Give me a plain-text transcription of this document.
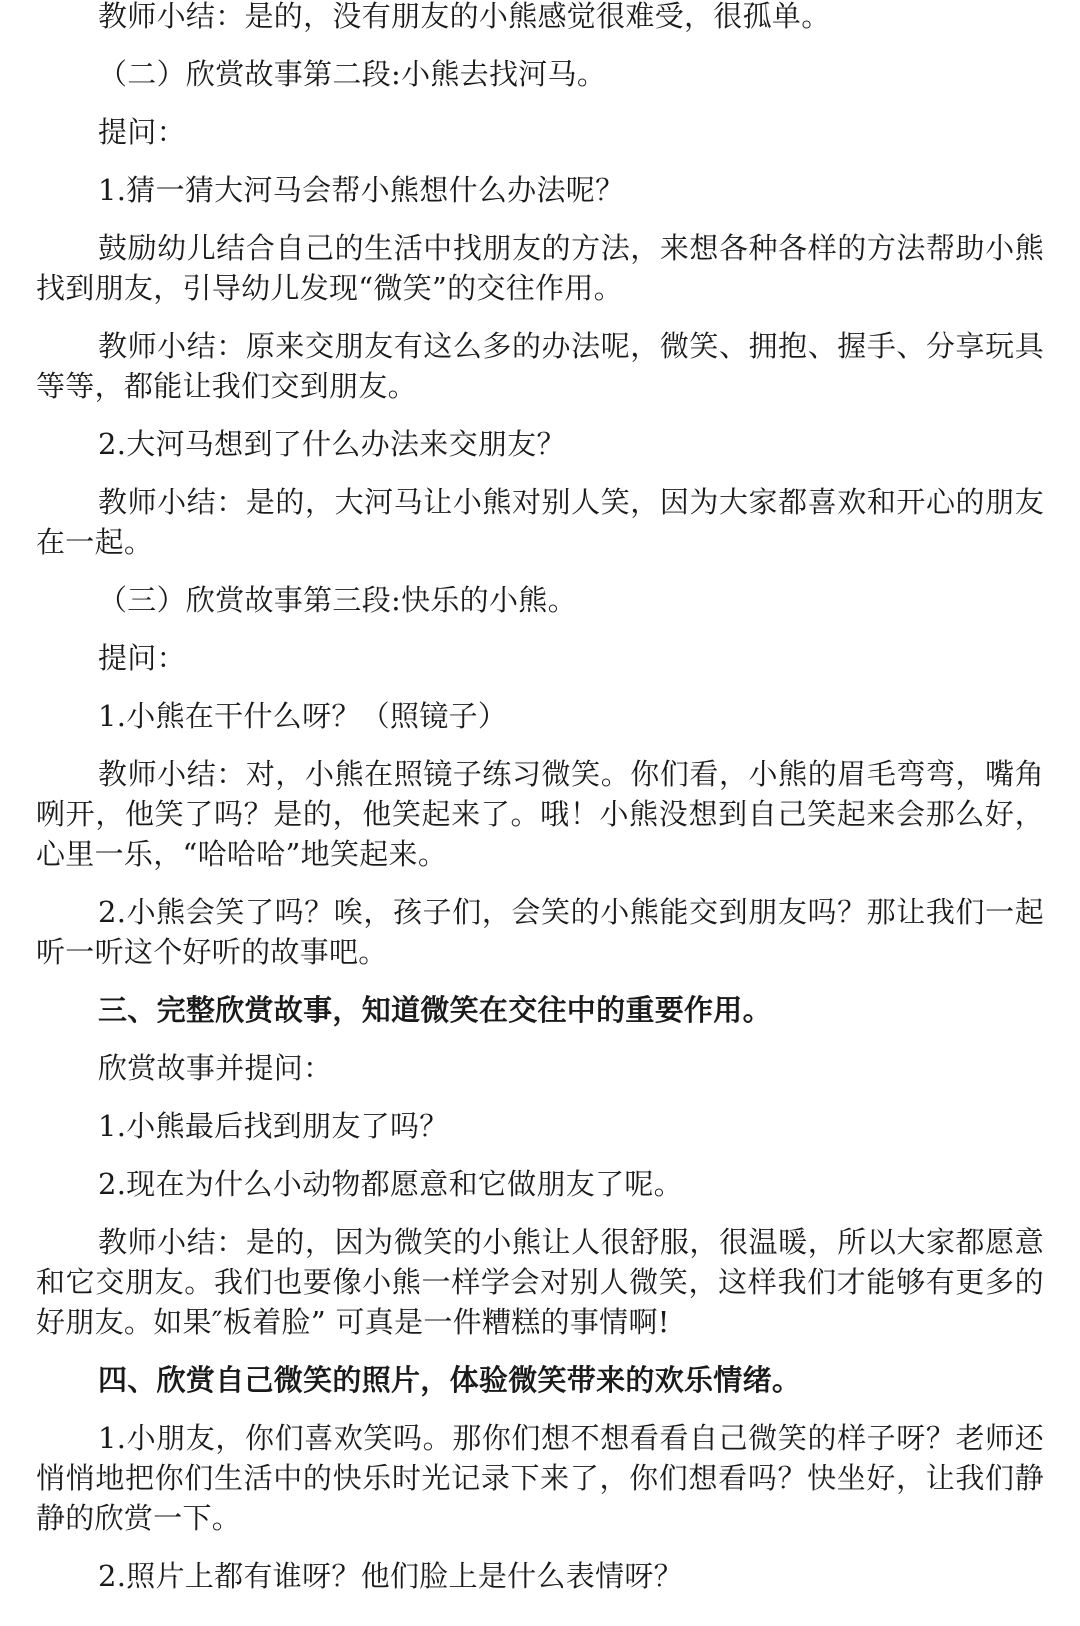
教师小结：是的，没有朋友的小熊感觉很难受，很孤单。

（二）欣赏故事第二段:小熊去找河马。

提问：

1.猜一猜大河马会帮小熊想什么办法呢？

鼓励幼儿结合自己的生活中找朋友的方法，来想各种各样的方法帮助小熊找到朋友，引导幼儿发现“微笑”的交往作用。

教师小结：原来交朋友有这么多的办法呢，微笑、拥抱、握手、分享玩具等等，都能让我们交到朋友。

2.大河马想到了什么办法来交朋友？

教师小结：是的，大河马让小熊对别人笑，因为大家都喜欢和开心的朋友在一起。

（三）欣赏故事第三段:快乐的小熊。

提问：

1.小熊在干什么呀？（照镜子）

教师小结：对，小熊在照镜子练习微笑。你们看，小熊的眉毛弯弯，嘴角咧开，他笑了吗？是的，他笑起来了。哦！小熊没想到自己笑起来会那么好，心里一乐，“哈哈哈”地笑起来。

2.小熊会笑了吗？唉，孩子们，会笑的小熊能交到朋友吗？那让我们一起听一听这个好听的故事吧。

三、完整欣赏故事，知道微笑在交往中的重要作用。

欣赏故事并提问：

1.小熊最后找到朋友了吗？

2.现在为什么小动物都愿意和它做朋友了呢。

教师小结：是的，因为微笑的小熊让人很舒服，很温暖，所以大家都愿意和它交朋友。我们也要像小熊一样学会对别人微笑，这样我们才能够有更多的好朋友。如果″板着脸” 可真是一件糟糕的事情啊!

四、欣赏自己微笑的照片，体验微笑带来的欢乐情绪。

1.小朋友，你们喜欢笑吗。那你们想不想看看自己微笑的样子呀？老师还悄悄地把你们生活中的快乐时光记录下来了，你们想看吗？快坐好，让我们静静的欣赏一下。

2.照片上都有谁呀？他们脸上是什么表情呀？
